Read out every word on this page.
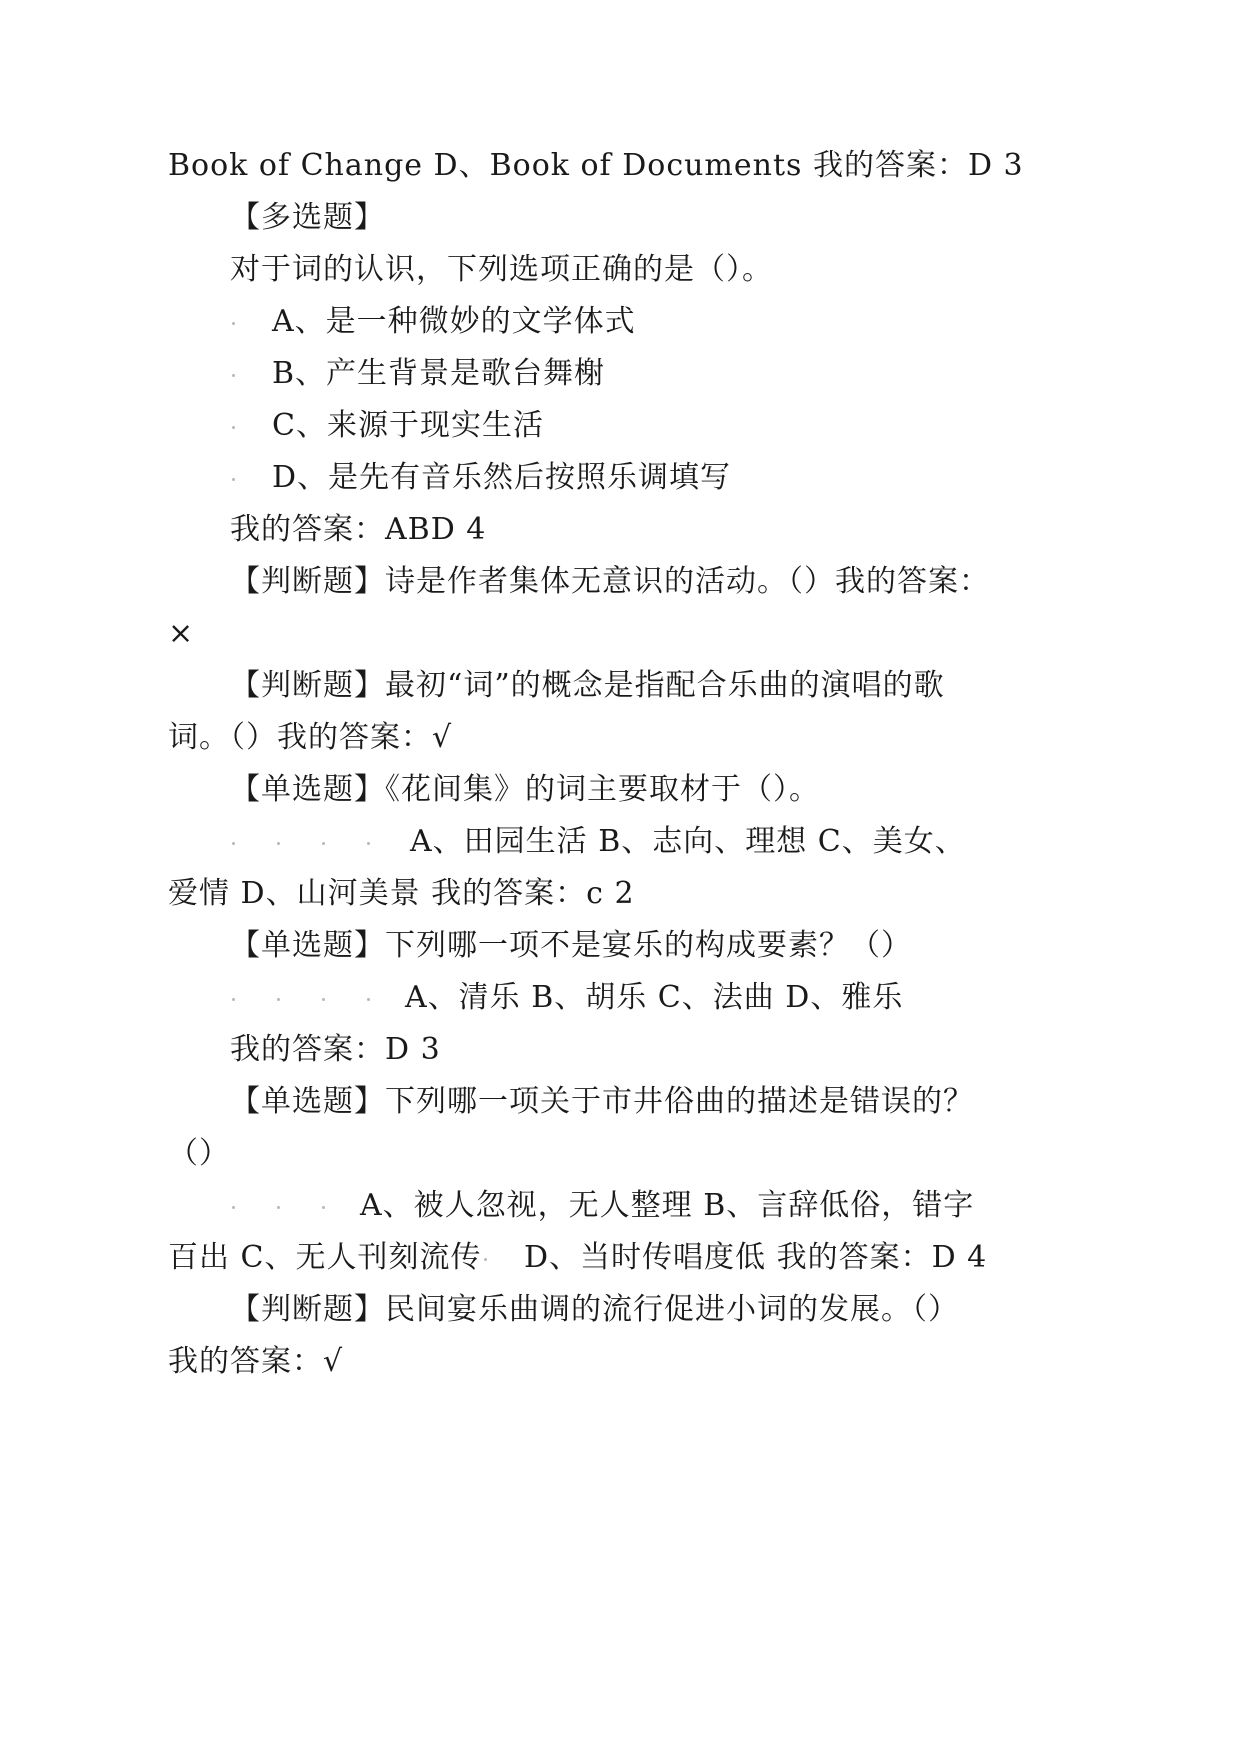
Book of Change D、Book of Documents 我的答案：D 3
【多选题】
对于词的认识，下列选项正确的是（）。
A、是一种微妙的文学体式
B、产生背景是歌台舞榭
C、来源于现实生活
D、是先有音乐然后按照乐调填写
我的答案：ABD 4
【判断题】诗是作者集体无意识的活动。（）我的答案：
×
【判断题】最初“词”的概念是指配合乐曲的演唱的歌
词。（）我的答案：√
【单选题】《花间集》的词主要取材于（）。
A、田园生活 B、志向、理想 C、美女、
爱情 D、山河美景 我的答案：c 2
【单选题】下列哪一项不是宴乐的构成要素？（）
A、清乐 B、胡乐 C、法曲 D、雅乐
我的答案：D 3
【单选题】下列哪一项关于市井俗曲的描述是错误的？
（）
A、被人忽视，无人整理 B、言辞低俗，错字
百出 C、无人刊刻流传 D、当时传唱度低 我的答案：D 4
【判断题】民间宴乐曲调的流行促进小词的发展。（）
我的答案：√
